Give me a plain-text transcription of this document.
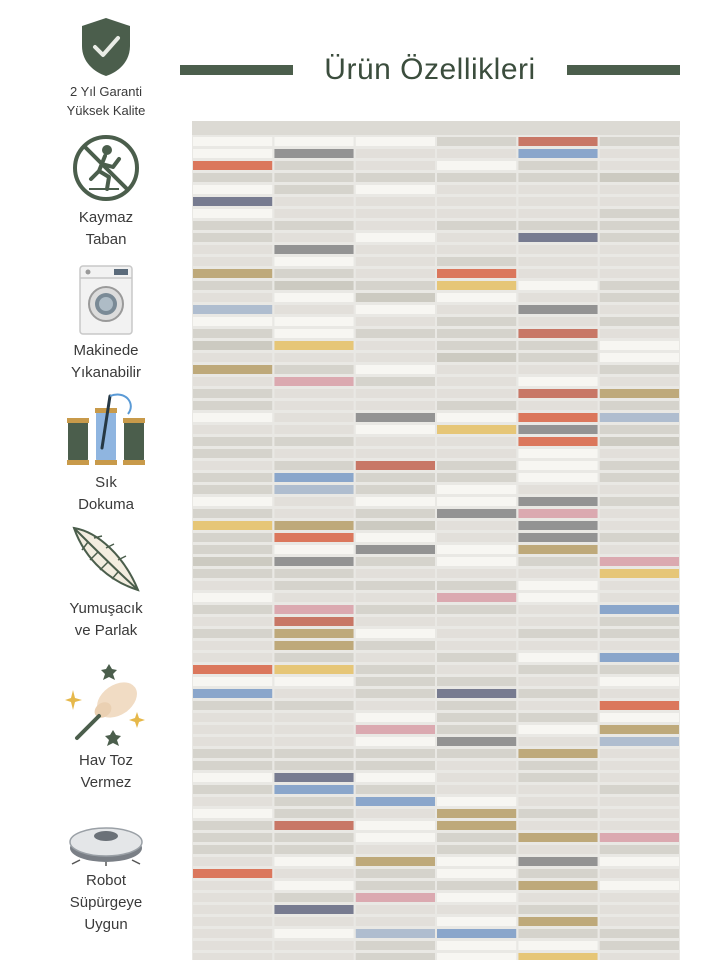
Ürün Özellikleri
2 Yıl Garanti
Yüksek Kalite
Kaymaz
Taban
Makinede
Yıkanabilir
Sık
Dokuma
Yumuşacık
ve Parlak
Hav Toz
Vermez
Robot
Süpürgeye
Uygun
